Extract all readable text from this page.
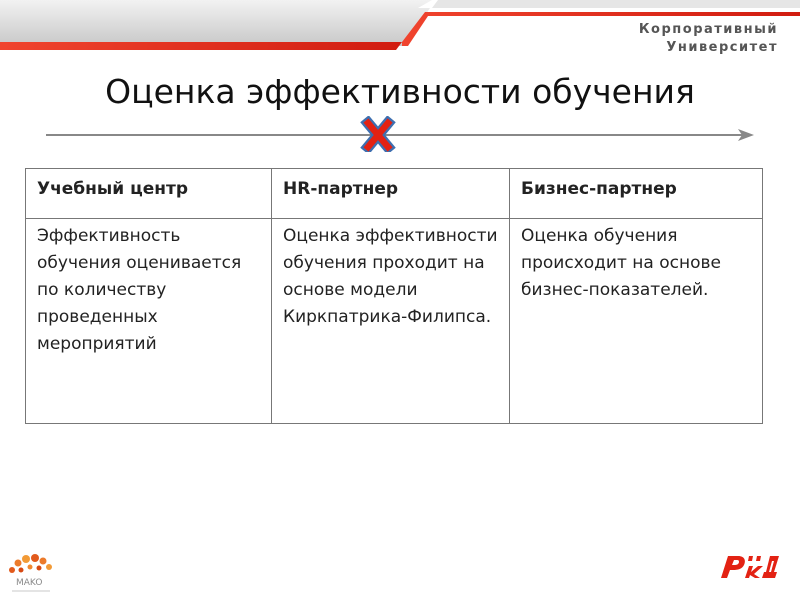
Корпоративный
Университет
Оценка эффективности обучения
Учебный центр	HR-партнер	Бизнес-партнер
Эффективность обучения оценивается по количеству проведенных мероприятий	Оценка эффективности обучения проходит на основе модели Киркпатрика-Филипса.	Оценка обучения происходит на основе бизнес-показателей.
MAKO
